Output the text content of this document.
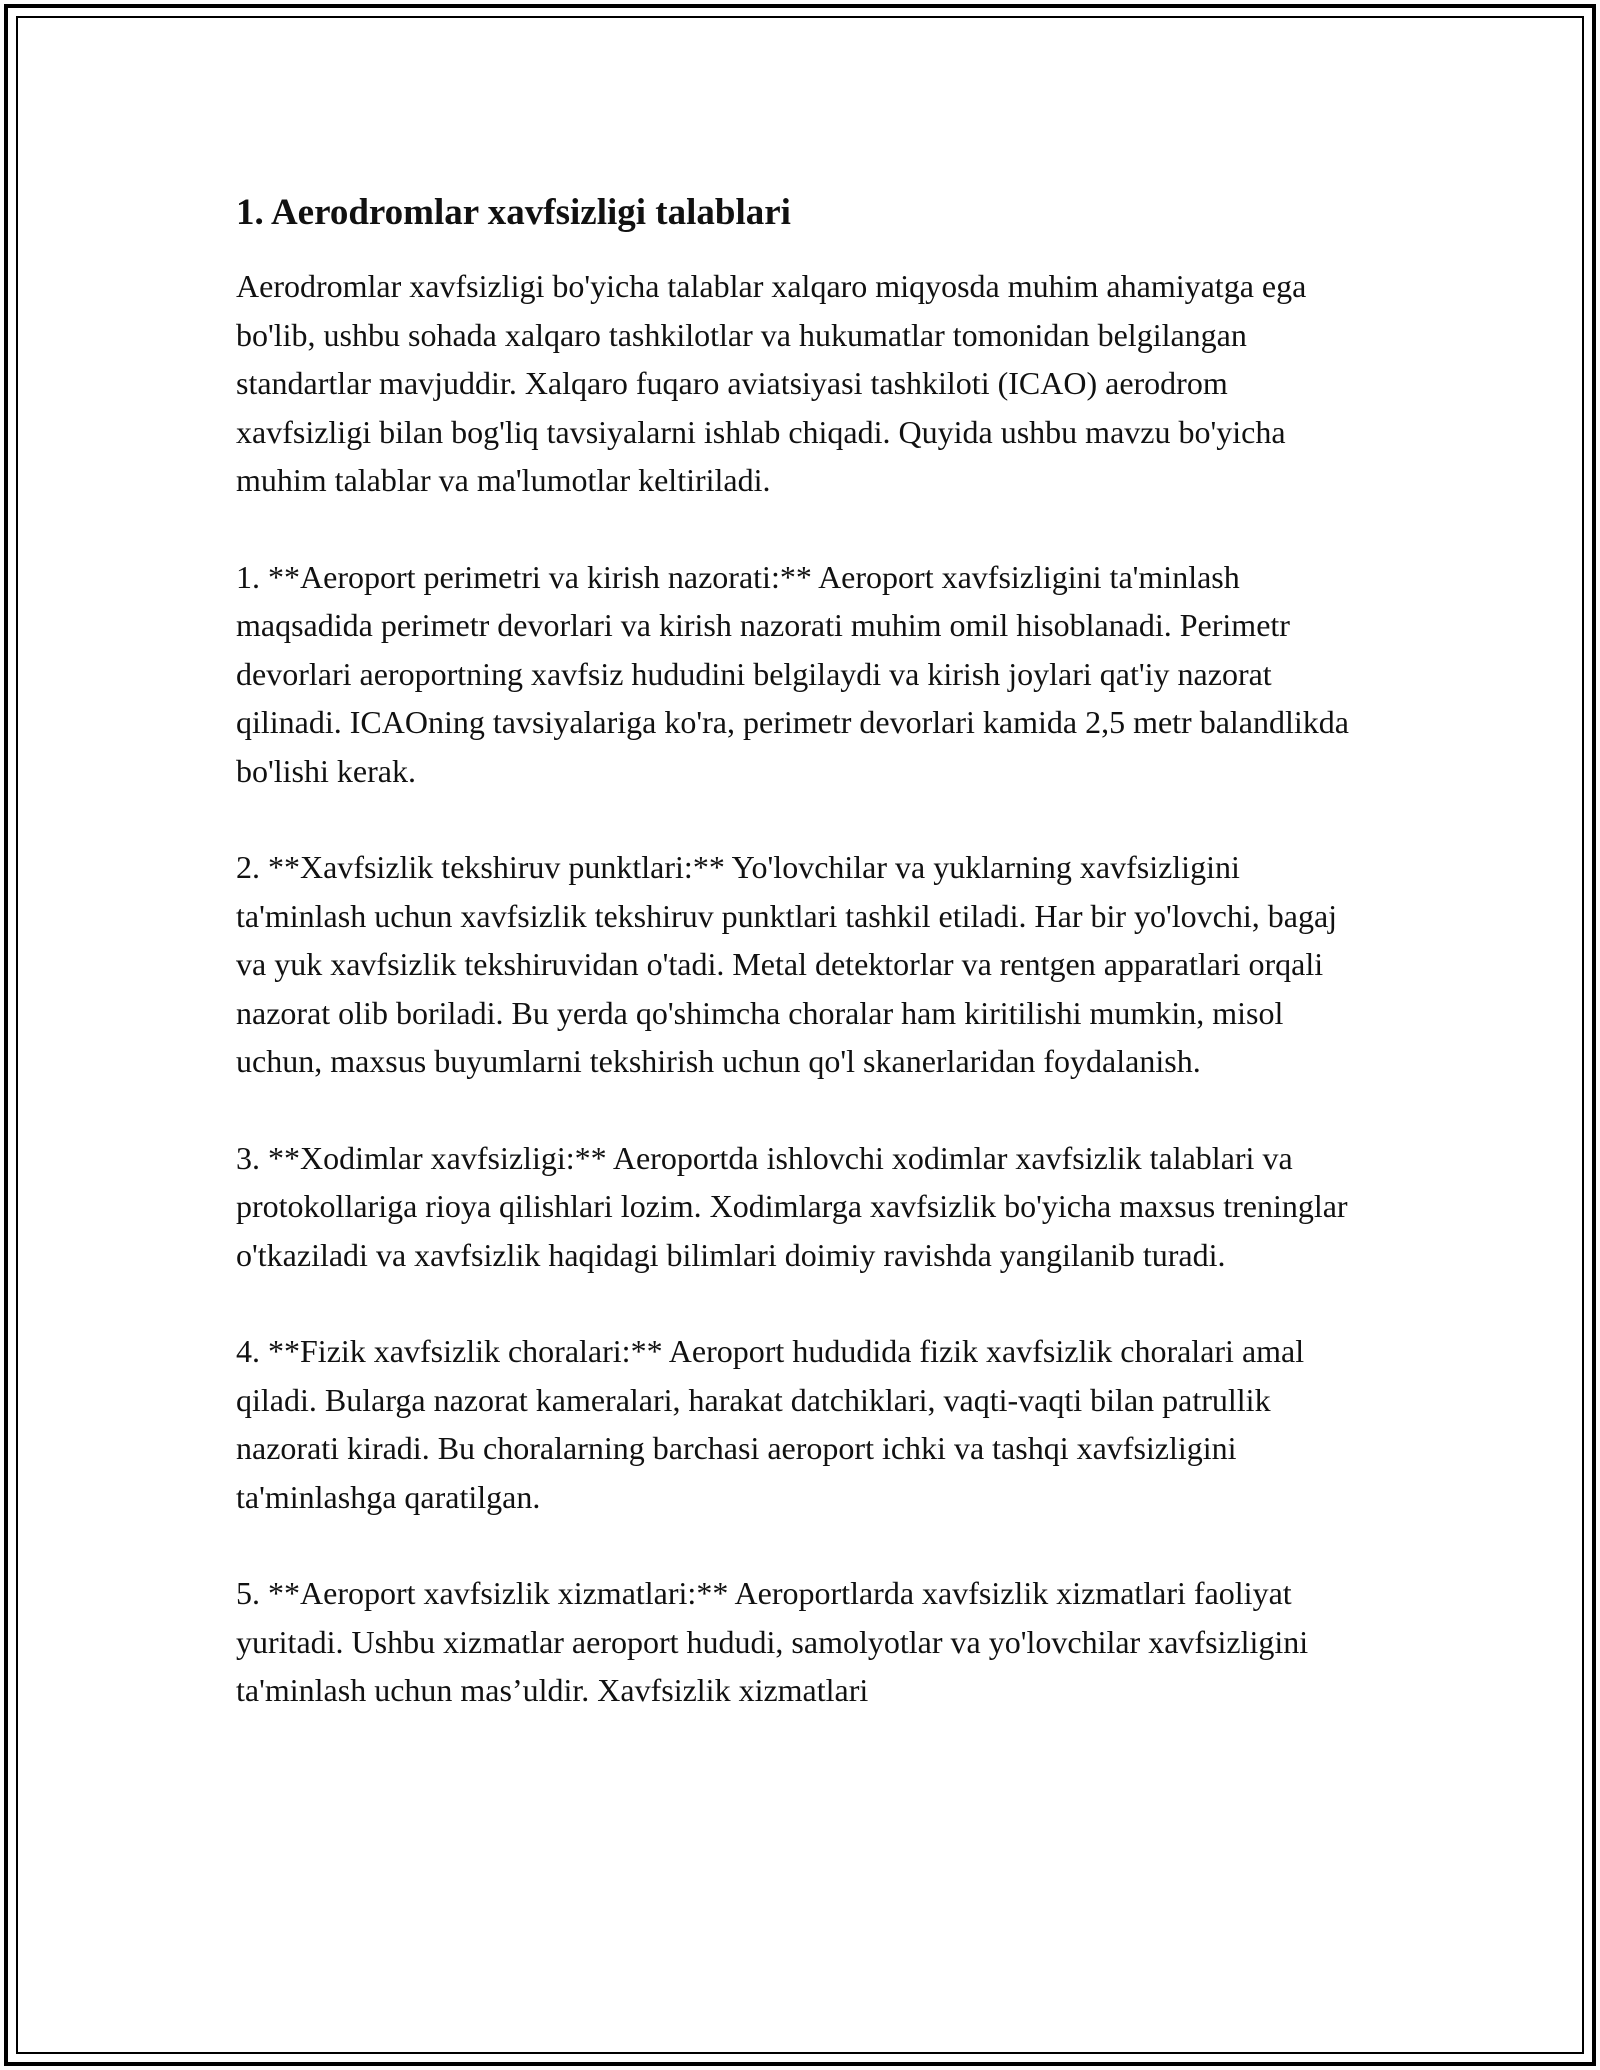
1. Aerodromlar xavfsizligi talablari

Aerodromlar xavfsizligi bo'yicha talablar xalqaro miqyosda muhim ahamiyatga ega bo'lib, ushbu sohada xalqaro tashkilotlar va hukumatlar tomonidan belgilangan standartlar mavjuddir. Xalqaro fuqaro aviatsiyasi tashkiloti (ICAO) aerodrom xavfsizligi bilan bog'liq tavsiyalarni ishlab chiqadi. Quyida ushbu mavzu bo'yicha muhim talablar va ma'lumotlar keltiriladi.

1. **Aeroport perimetri va kirish nazorati:** Aeroport xavfsizligini ta'minlash maqsadida perimetr devorlari va kirish nazorati muhim omil hisoblanadi. Perimetr devorlari aeroportning xavfsiz hududini belgilaydi va kirish joylari qat'iy nazorat qilinadi. ICAOning tavsiyalariga ko'ra, perimetr devorlari kamida 2,5 metr balandlikda bo'lishi kerak.

2. **Xavfsizlik tekshiruv punktlari:** Yo'lovchilar va yuklarning xavfsizligini ta'minlash uchun xavfsizlik tekshiruv punktlari tashkil etiladi. Har bir yo'lovchi, bagaj va yuk xavfsizlik tekshiruvidan o'tadi. Metal detektorlar va rentgen apparatlari orqali nazorat olib boriladi. Bu yerda qo'shimcha choralar ham kiritilishi mumkin, misol uchun, maxsus buyumlarni tekshirish uchun qo'l skanerlaridan foydalanish.

3. **Xodimlar xavfsizligi:** Aeroportda ishlovchi xodimlar xavfsizlik talablari va protokollariga rioya qilishlari lozim. Xodimlarga xavfsizlik bo'yicha maxsus treninglar o'tkaziladi va xavfsizlik haqidagi bilimlari doimiy ravishda yangilanib turadi.

4. **Fizik xavfsizlik choralari:** Aeroport hududida fizik xavfsizlik choralari amal qiladi. Bularga nazorat kameralari, harakat datchiklari, vaqti-vaqti bilan patrullik nazorati kiradi. Bu choralarning barchasi aeroport ichki va tashqi xavfsizligini ta'minlashga qaratilgan.

5. **Aeroport xavfsizlik xizmatlari:** Aeroportlarda xavfsizlik xizmatlari faoliyat yuritadi. Ushbu xizmatlar aeroport hududi, samolyotlar va yo'lovchilar xavfsizligini ta'minlash uchun mas’uldir. Xavfsizlik xizmatlari
